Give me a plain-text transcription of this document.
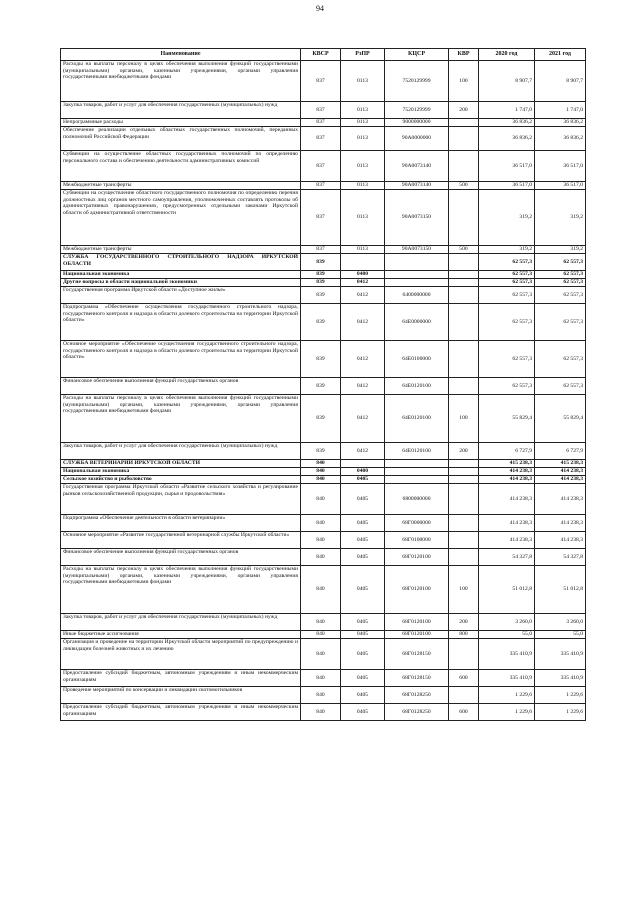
94
Наименование	КВСР	РзПР	КЦСР	КВР	2020 год	2021 год
Расходы на выплаты персоналу в целях обеспечения выполнения функций государственными (муниципальными) органами, казенными учреждениями, органами управления государственными внебюджетными фондами	837	0113	7520129999	100	8 907,7	8 907,7
Закупка товаров, работ и услуг для обеспечения государственных (муниципальных) нужд	837	0113	7520129999	200	1 747,0	1 747,0
Непрограммные расходы	837	0113	9000000000		36 836,2	36 836,2
Обеспечение реализации отдельных областных государственных полномочий, переданных полномочий Российской Федерации	837	0113	90А0000000		36 836,2	36 836,2
Субвенции на осуществление областных государственных полномочий по определению персонального состава и обеспечению деятельности административных комиссий	837	0113	90А0073140		36 517,0	36 517,0
Межбюджетные трансферты	837	0113	90А0073140	500	36 517,0	36 517,0
Субвенции на осуществление областного государственного полномочия по определению перечня должностных лиц органов местного самоуправления, уполномоченных составлять протоколы об административных правонарушениях, предусмотренных отдельными законами Иркутской области об административной ответственности	837	0113	90А0073150		319,2	319,2
Межбюджетные трансферты	837	0113	90А0073150	500	319,2	319,2
СЛУЖБА ГОСУДАРСТВЕННОГО СТРОИТЕЛЬНОГО НАДЗОРА ИРКУТСКОЙ ОБЛАСТИ	839				62 557,3	62 557,3
Национальная экономика	839	0400			62 557,3	62 557,3
Другие вопросы в области национальной экономики	839	0412			62 557,3	62 557,3
Государственная программа Иркутской области «Доступное жилье»	839	0412	6400000000		62 557,3	62 557,3
Подпрограмма «Обеспечение осуществления государственного строительного надзора, государственного контроля и надзора в области долевого строительства на территории Иркутской области»	839	0412	64Е0000000		62 557,3	62 557,3
Основное мероприятие «Обеспечение осуществления государственного строительного надзора, государственного контроля и надзора в области долевого строительства на территории Иркутской области»	839	0412	64Е0100000		62 557,3	62 557,3
Финансовое обеспечение выполнения функций государственных органов	839	0412	64Е0120100		62 557,3	62 557,3
Расходы на выплаты персоналу в целях обеспечения выполнения функций государственными (муниципальными) органами, казенными учреждениями, органами управления государственными внебюджетными фондами	839	0412	64Е0120100	100	55 829,4	55 829,4
Закупка товаров, работ и услуг для обеспечения государственных (муниципальных) нужд	839	0412	64Е0120100	200	6 727,9	6 727,9
СЛУЖБА ВЕТЕРИНАРИИ ИРКУТСКОЙ ОБЛАСТИ	840				415 238,3	415 238,3
Национальная экономика	840	0400			414 238,3	414 238,3
Сельское хозяйство и рыболовство	840	0405			414 238,3	414 238,3
Государственная программа Иркутской области «Развитие сельского хозяйства и регулирование рынков сельскохозяйственной продукции, сырья и продовольствия»	840	0405	6800000000		414 238,3	414 238,3
Подпрограмма «Обеспечение деятельности в области ветеринарии»	840	0405	68Г0000000		414 238,3	414 238,3
Основное мероприятие «Развитие государственной ветеринарной службы Иркутской области»	840	0405	68Г0100000		414 238,3	414 238,3
Финансовое обеспечение выполнения функций государственных органов	840	0405	68Г0120100		54 327,8	54 327,8
Расходы на выплаты персоналу в целях обеспечения выполнения функций государственными (муниципальными) органами, казенными учреждениями, органами управления государственными внебюджетными фондами	840	0405	68Г0120100	100	51 012,8	51 012,8
Закупка товаров, работ и услуг для обеспечения государственных (муниципальных) нужд	840	0405	68Г0120100	200	3 260,0	3 260,0
Иные бюджетные ассигнования	840	0405	68Г0120100	800	55,0	55,0
Организация и проведение на территории Иркутской области мероприятий по предупреждению и ликвидации болезней животных и их лечению	840	0405	68Г0128150		335 410,9	335 410,9
Предоставление субсидий бюджетным, автономным учреждениям и иным некоммерческим организациям	840	0405	68Г0128150	600	335 410,9	335 410,9
Проведение мероприятий по консервации и ликвидации скотомогильников	840	0405	68Г0128250		1 229,6	1 229,6
Предоставление субсидий бюджетным, автономным учреждениям и иным некоммерческим организациям	840	0405	68Г0128250	600	1 229,6	1 229,6
